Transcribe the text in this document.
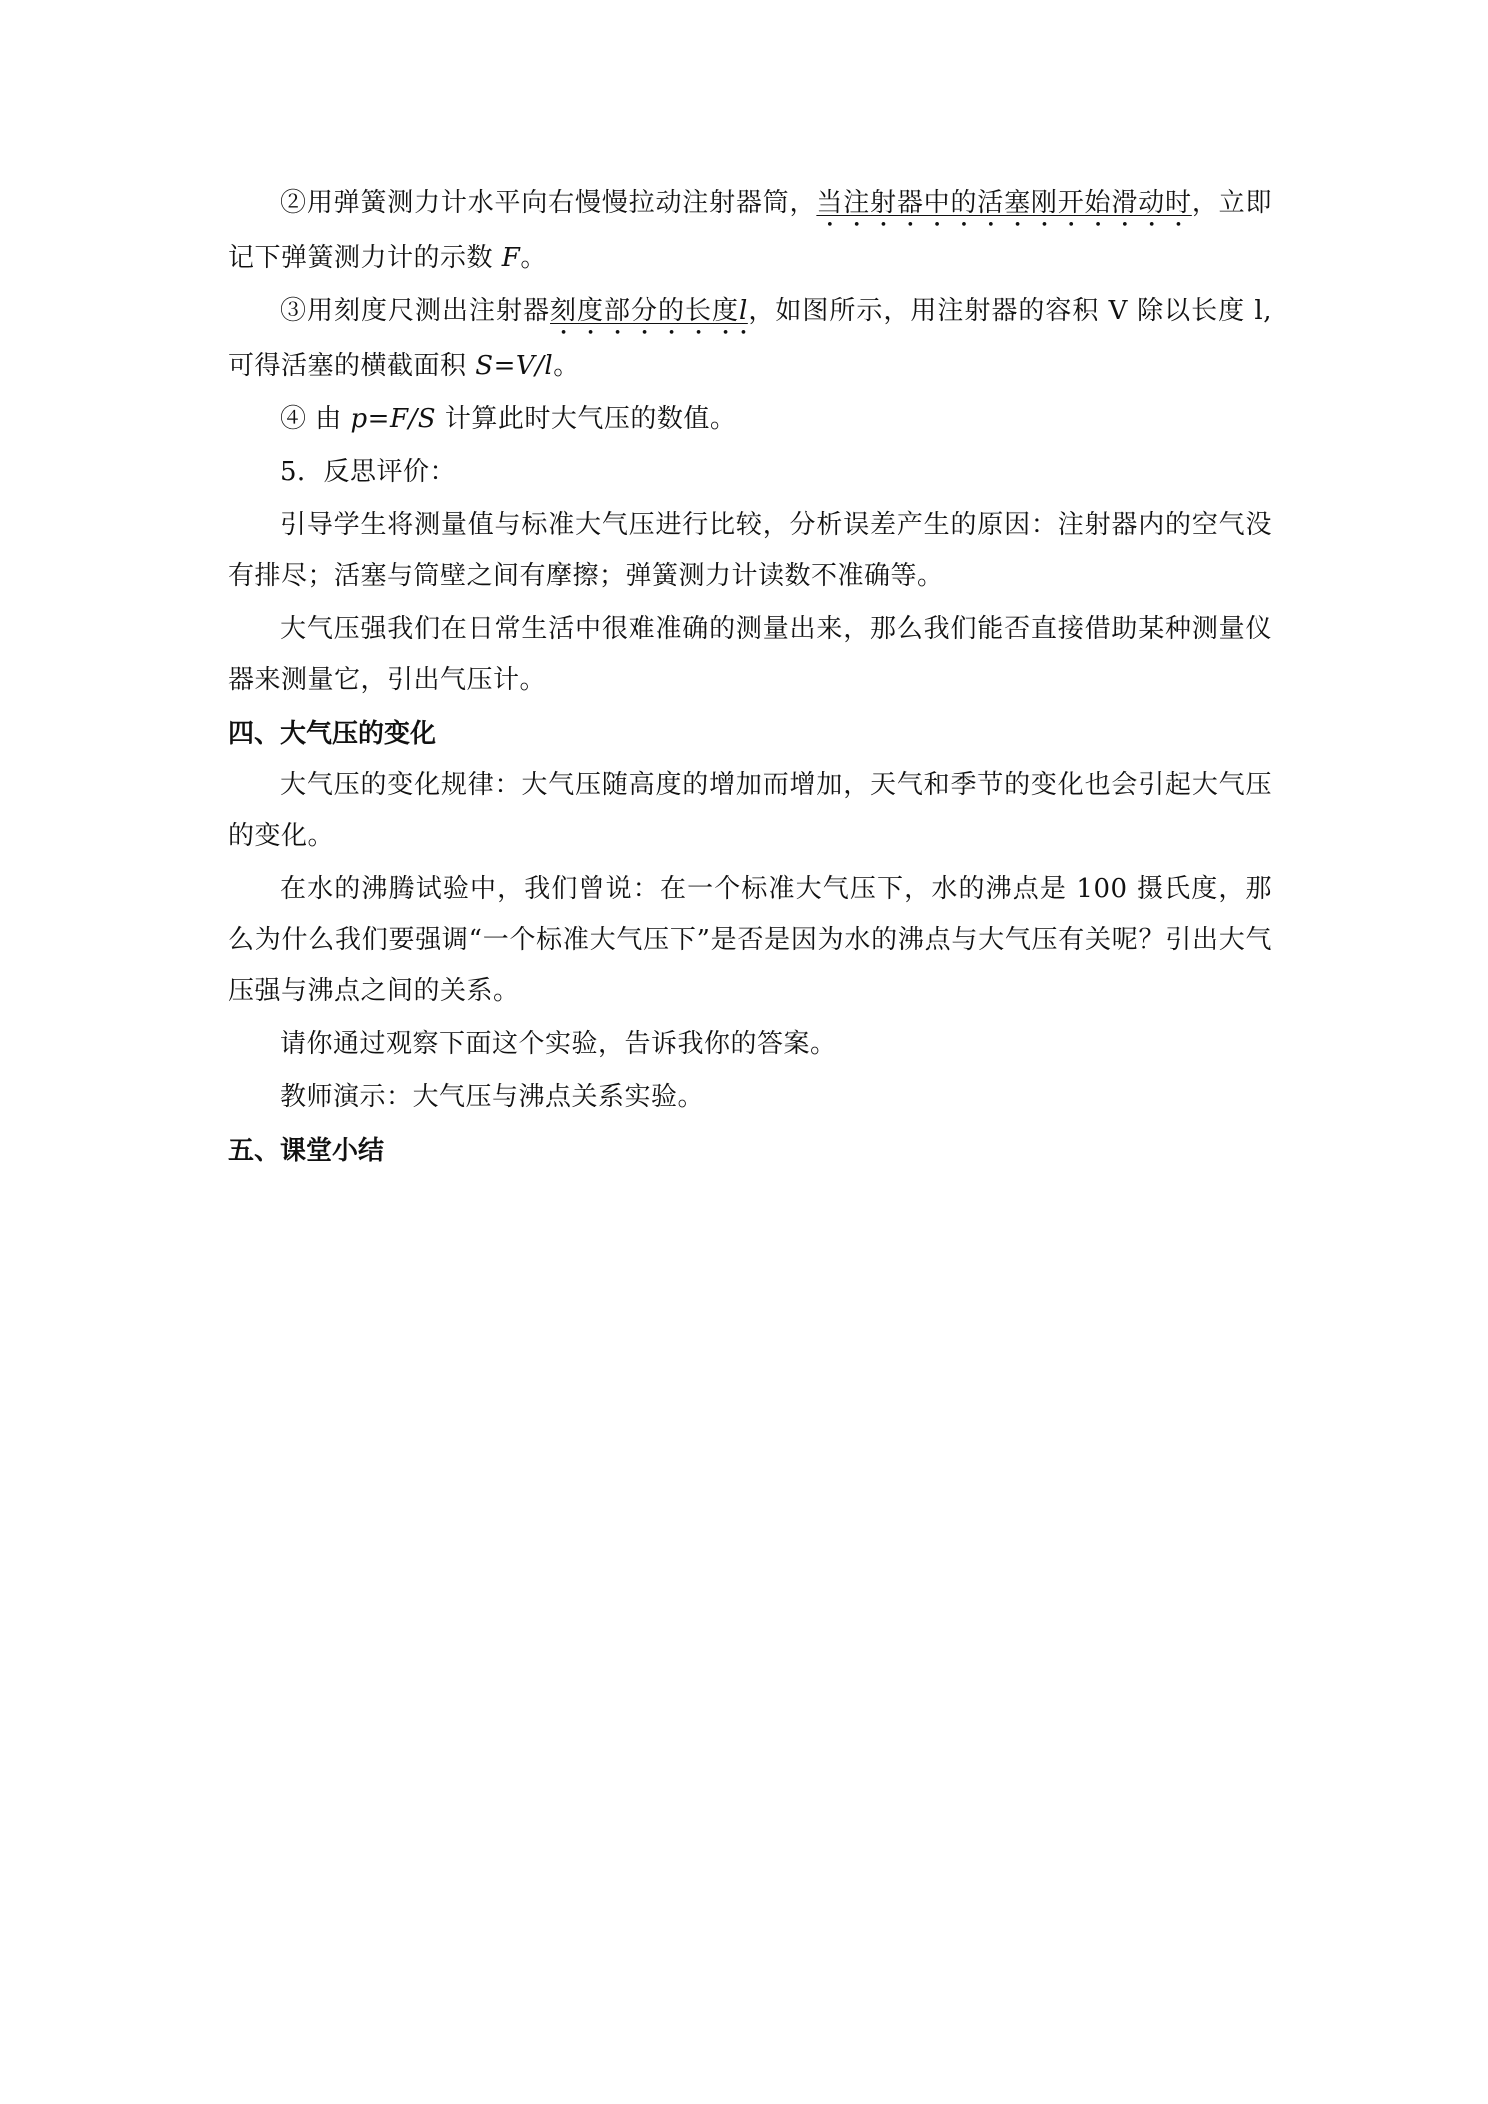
②用弹簧测力计水平向右慢慢拉动注射器筒，当注射器中的活塞刚开始滑动时，立即记下弹簧测力计的示数 F。

③用刻度尺测出注射器刻度部分的长度l，如图所示，用注射器的容积 V 除以长度 l,可得活塞的横截面积 S=V/l。

④ 由 p=F/S 计算此时大气压的数值。

5．反思评价：

引导学生将测量值与标准大气压进行比较，分析误差产生的原因：注射器内的空气没有排尽；活塞与筒壁之间有摩擦；弹簧测力计读数不准确等。

大气压强我们在日常生活中很难准确的测量出来，那么我们能否直接借助某种测量仪器来测量它，引出气压计。

四、大气压的变化

大气压的变化规律：大气压随高度的增加而增加，天气和季节的变化也会引起大气压的变化。

在水的沸腾试验中，我们曾说：在一个标准大气压下，水的沸点是 100 摄氏度，那么为什么我们要强调“一个标准大气压下”是否是因为水的沸点与大气压有关呢？引出大气压强与沸点之间的关系。

请你通过观察下面这个实验，告诉我你的答案。

教师演示：大气压与沸点关系实验。

五、课堂小结
